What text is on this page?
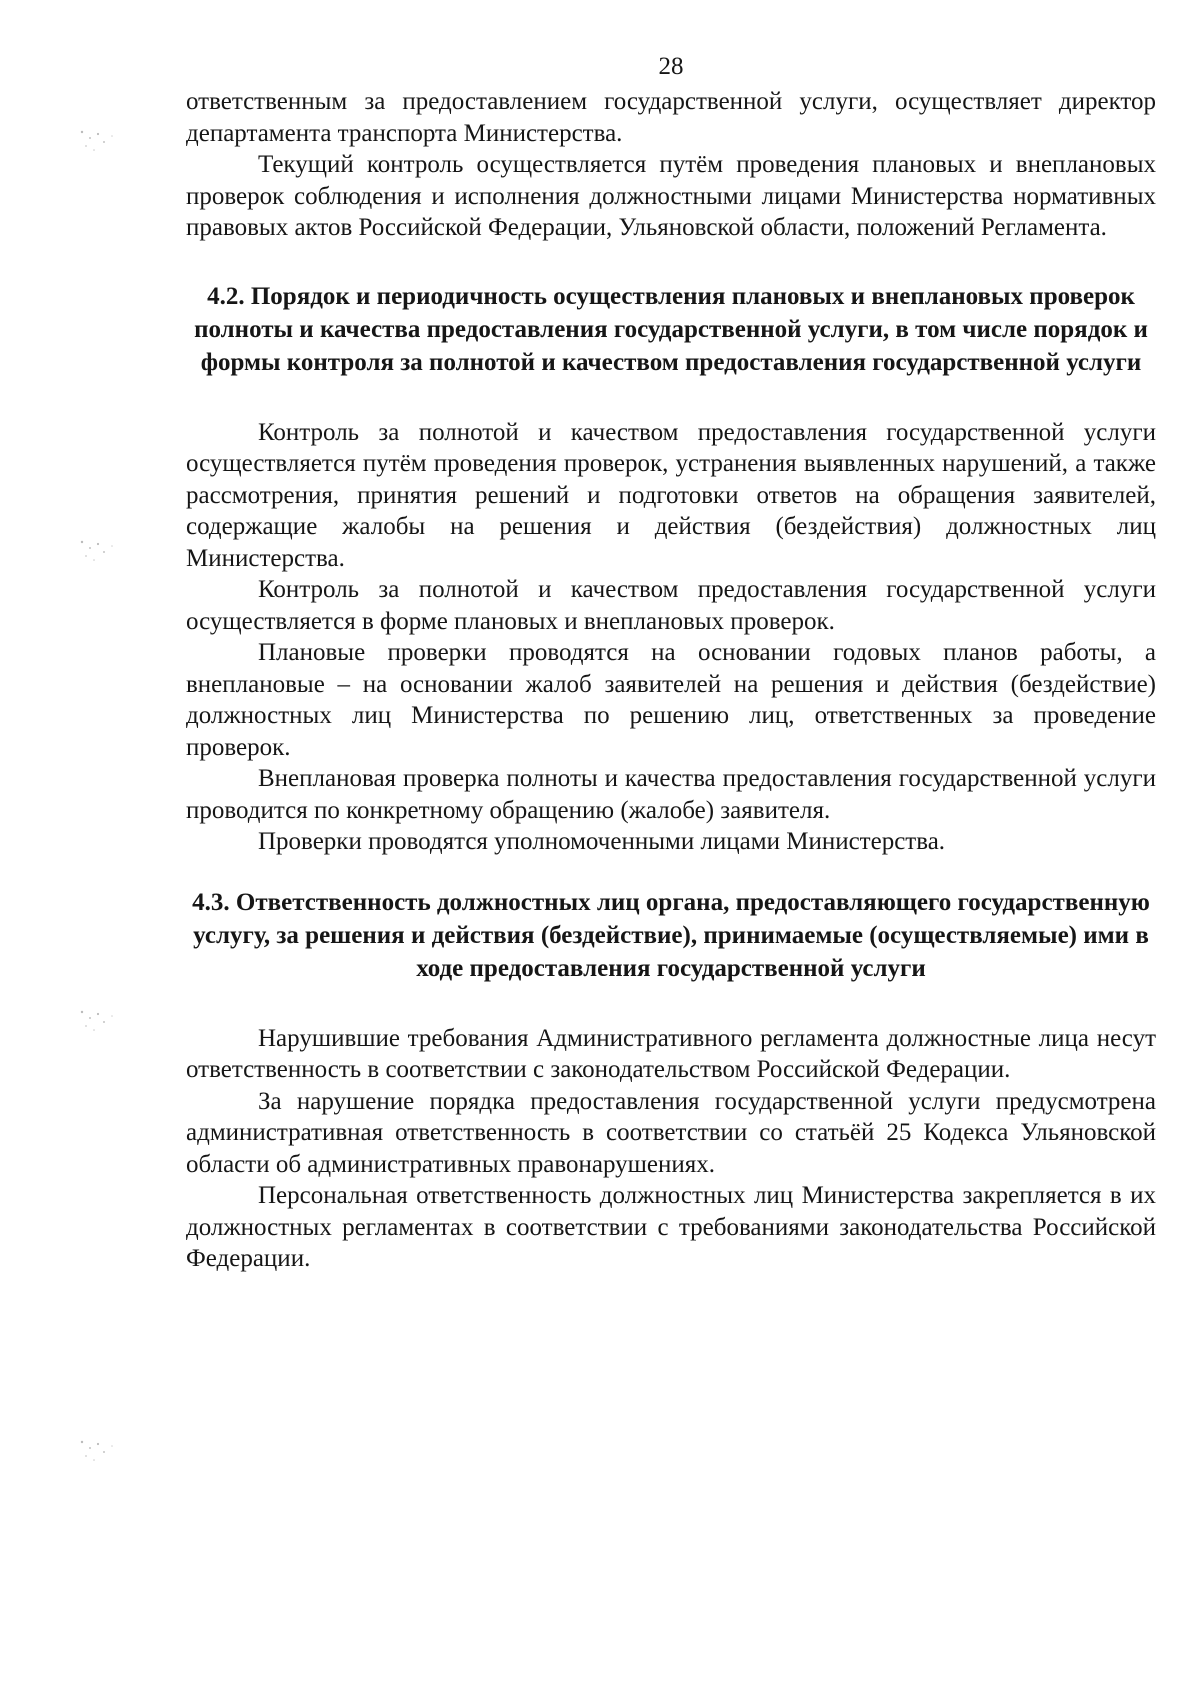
28

ответственным за предоставлением государственной услуги, осуществляет директор департамента транспорта Министерства.

Текущий контроль осуществляется путём проведения плановых и внеплановых проверок соблюдения и исполнения должностными лицами Министерства нормативных правовых актов Российской Федерации, Ульяновской области, положений Регламента.

4.2. Порядок и периодичность осуществления плановых и внеплановых проверок полноты и качества предоставления государственной услуги, в том числе порядок и формы контроля за полнотой и качеством предоставления государственной услуги

Контроль за полнотой и качеством предоставления государственной услуги осуществляется путём проведения проверок, устранения выявленных нарушений, а также рассмотрения, принятия решений и подготовки ответов на обращения заявителей, содержащие жалобы на решения и действия (бездействия) должностных лиц Министерства.

Контроль за полнотой и качеством предоставления государственной услуги осуществляется в форме плановых и внеплановых проверок.

Плановые проверки проводятся на основании годовых планов работы, а внеплановые – на основании жалоб заявителей на решения и действия (бездействие) должностных лиц Министерства по решению лиц, ответственных за проведение проверок.

Внеплановая проверка полноты и качества предоставления государственной услуги проводится по конкретному обращению (жалобе) заявителя.

Проверки проводятся уполномоченными лицами Министерства.

4.3. Ответственность должностных лиц органа, предоставляющего государственную услугу, за решения и действия (бездействие), принимаемые (осуществляемые) ими в ходе предоставления государственной услуги

Нарушившие требования Административного регламента должностные лица несут ответственность в соответствии с законодательством Российской Федерации.

За нарушение порядка предоставления государственной услуги предусмотрена административная ответственность в соответствии со статьёй 25 Кодекса Ульяновской области об административных правонарушениях.

Персональная ответственность должностных лиц Министерства закрепляется в их должностных регламентах в соответствии с требованиями законодательства Российской Федерации.
